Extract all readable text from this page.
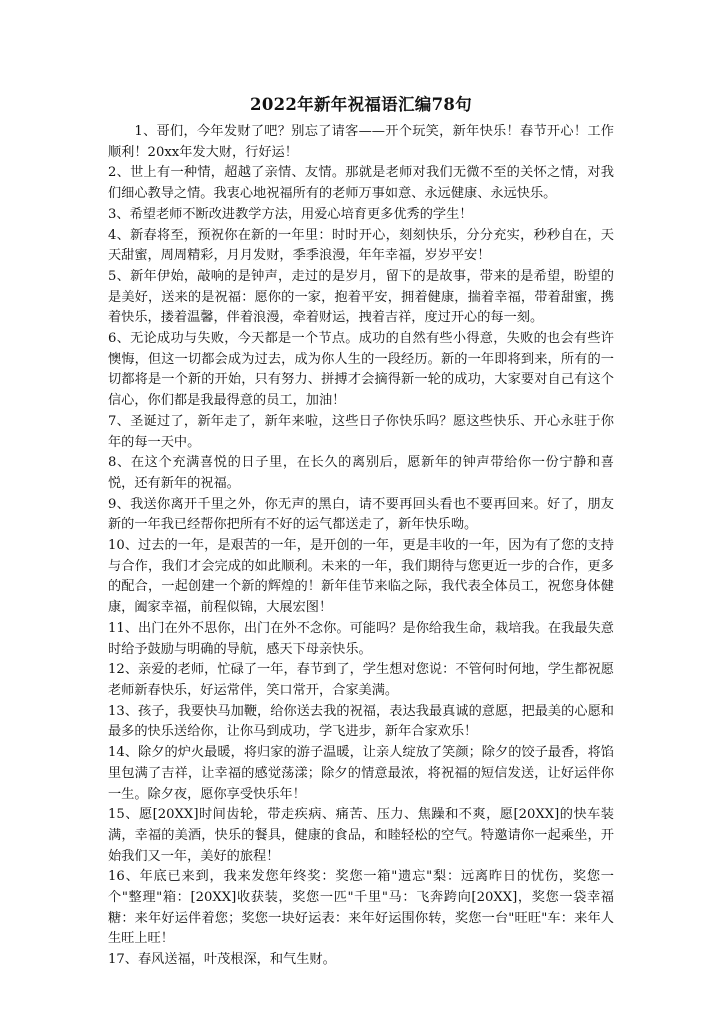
2022年新年祝福语汇编78句

1、哥们，今年发财了吧？别忘了请客——开个玩笑，新年快乐！春节开心！工作顺利！20xx年发大财，行好运！

2、世上有一种情，超越了亲情、友情。那就是老师对我们无微不至的关怀之情，对我们细心教导之情。我衷心地祝福所有的老师万事如意、永远健康、永远快乐。

3、希望老师不断改进教学方法，用爱心培育更多优秀的学生！

4、新春将至，预祝你在新的一年里：时时开心，刻刻快乐，分分充实，秒秒自在，天天甜蜜，周周精彩，月月发财，季季浪漫，年年幸福，岁岁平安！

5、新年伊始，敲响的是钟声，走过的是岁月，留下的是故事，带来的是希望，盼望的是美好，送来的是祝福：愿你的一家，抱着平安，拥着健康，揣着幸福，带着甜蜜，携着快乐，搂着温馨，伴着浪漫，牵着财运，拽着吉祥，度过开心的每一刻。

6、无论成功与失败，今天都是一个节点。成功的自然有些小得意，失败的也会有些许懊悔，但这一切都会成为过去，成为你人生的一段经历。新的一年即将到来，所有的一切都将是一个新的开始，只有努力、拼搏才会摘得新一轮的成功，大家要对自己有这个信心，你们都是我最得意的员工，加油！

7、圣诞过了，新年走了，新年来啦，这些日子你快乐吗？愿这些快乐、开心永驻于你年的每一天中。

8、在这个充满喜悦的日子里，在长久的离别后，愿新年的钟声带给你一份宁静和喜悦，还有新年的祝福。

9、我送你离开千里之外，你无声的黑白，请不要再回头看也不要再回来。好了，朋友新的一年我已经帮你把所有不好的运气都送走了，新年快乐呦。

10、过去的一年，是艰苦的一年，是开创的一年，更是丰收的一年，因为有了您的支持与合作，我们才会完成的如此顺利。未来的一年，我们期待与您更近一步的合作，更多的配合，一起创建一个新的辉煌的！新年佳节来临之际，我代表全体员工，祝您身体健康，阖家幸福，前程似锦，大展宏图！

11、出门在外不思你，出门在外不念你。可能吗？是你给我生命，栽培我。在我最失意时给予鼓励与明确的导航，感天下母亲快乐。

12、亲爱的老师，忙碌了一年，春节到了，学生想对您说：不管何时何地，学生都祝愿老师新春快乐，好运常伴，笑口常开，合家美满。

13、孩子，我要快马加鞭，给你送去我的祝福，表达我最真诚的意愿，把最美的心愿和最多的快乐送给你，让你马到成功，学飞进步，新年合家欢乐！

14、除夕的炉火最暖，将归家的游子温暖，让亲人绽放了笑颜；除夕的饺子最香，将馅里包满了吉祥，让幸福的感觉荡漾；除夕的情意最浓，将祝福的短信发送，让好运伴你一生。除夕夜，愿你享受快乐年！

15、愿[20XX]时间齿轮，带走疾病、痛苦、压力、焦躁和不爽，愿[20XX]的快车装满，幸福的美酒，快乐的餐具，健康的食品，和睦轻松的空气。特邀请你一起乘坐，开始我们又一年，美好的旅程！

16、年底已来到，我来发您年终奖：奖您一箱"遗忘"梨：远离昨日的忧伤，奖您一个"整理"箱：[20XX]收获装，奖您一匹"千里"马：飞奔跨向[20XX]，奖您一袋幸福糖：来年好运伴着您；奖您一块好运表：来年好运围你转，奖您一台"旺旺"车：来年人生旺上旺！

17、春风送福，叶茂根深，和气生财。
